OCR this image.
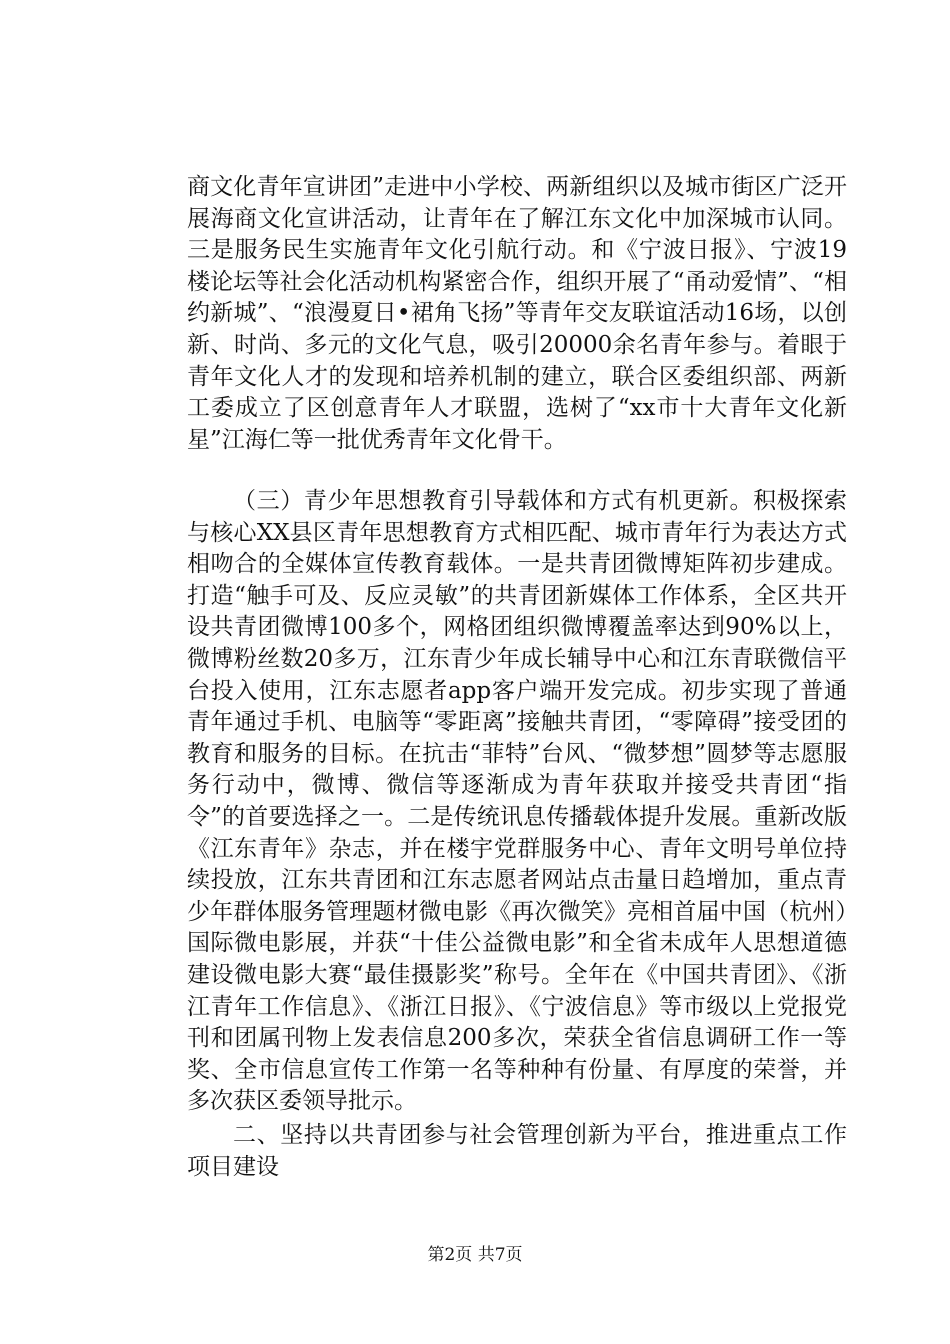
商文化青年宣讲团”走进中小学校、两新组织以及城市街区广泛开展海商文化宣讲活动，让青年在了解江东文化中加深城市认同。三是服务民生实施青年文化引航行动。和《宁波日报》、宁波19楼论坛等社会化活动机构紧密合作，组织开展了“甬动爱情”、“相约新城”、“浪漫夏日•裙角飞扬”等青年交友联谊活动16场，以创新、时尚、多元的文化气息，吸引20000余名青年参与。着眼于青年文化人才的发现和培养机制的建立，联合区委组织部、两新工委成立了区创意青年人才联盟，选树了“xx市十大青年文化新星”江海仁等一批优秀青年文化骨干。

（三）青少年思想教育引导载体和方式有机更新。积极探索与核心XX县区青年思想教育方式相匹配、城市青年行为表达方式相吻合的全媒体宣传教育载体。一是共青团微博矩阵初步建成。打造“触手可及、反应灵敏”的共青团新媒体工作体系，全区共开设共青团微博100多个，网格团组织微博覆盖率达到90%以上，微博粉丝数20多万，江东青少年成长辅导中心和江东青联微信平台投入使用，江东志愿者app客户端开发完成。初步实现了普通青年通过手机、电脑等“零距离”接触共青团，“零障碍”接受团的教育和服务的目标。在抗击“菲特”台风、“微梦想”圆梦等志愿服务行动中，微博、微信等逐渐成为青年获取并接受共青团“指令”的首要选择之一。二是传统讯息传播载体提升发展。重新改版《江东青年》杂志，并在楼宇党群服务中心、青年文明号单位持续投放，江东共青团和江东志愿者网站点击量日趋增加，重点青少年群体服务管理题材微电影《再次微笑》亮相首届中国（杭州）国际微电影展，并获“十佳公益微电影”和全省未成年人思想道德建设微电影大赛“最佳摄影奖”称号。全年在《中国共青团》、《浙江青年工作信息》、《浙江日报》、《宁波信息》等市级以上党报党刊和团属刊物上发表信息200多次，荣获全省信息调研工作一等奖、全市信息宣传工作第一名等种种有份量、有厚度的荣誉，并多次获区委领导批示。

二、坚持以共青团参与社会管理创新为平台，推进重点工作项目建设

第2页 共7页
